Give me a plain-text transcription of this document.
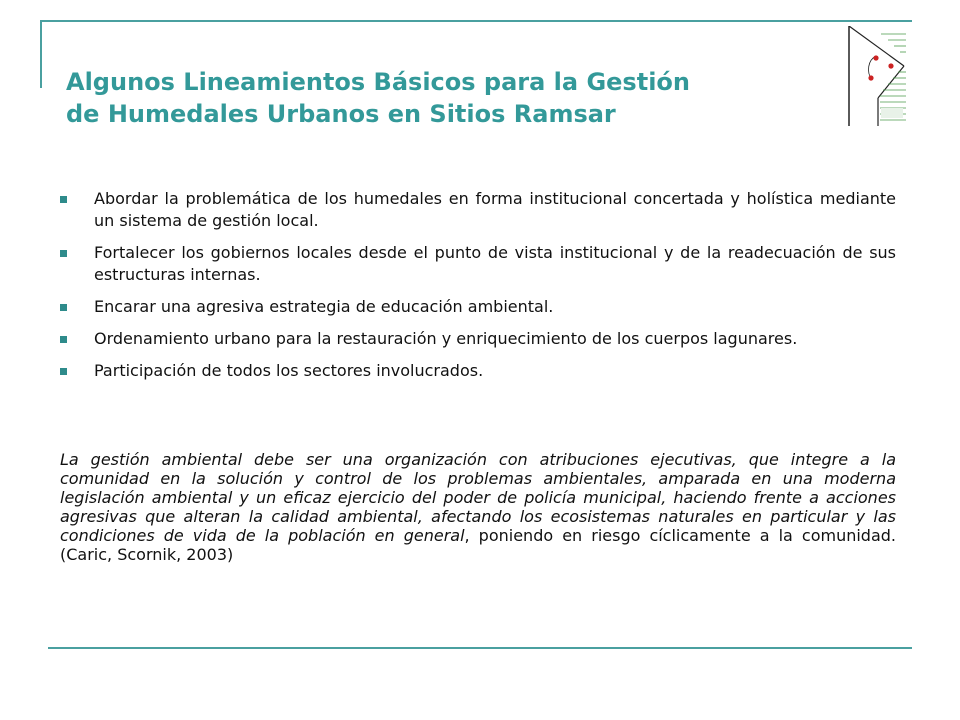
Algunos Lineamientos Básicos para la Gestión
de Humedales Urbanos en Sitios Ramsar
Abordar la problemática de los humedales en forma institucional concertada y holística mediante un sistema de gestión local.
Fortalecer los gobiernos locales desde el punto de vista institucional y de la readecuación de sus estructuras internas.
Encarar una agresiva estrategia de educación ambiental.
Ordenamiento urbano para la restauración y enriquecimiento de los cuerpos lagunares.
Participación de todos los sectores involucrados.
La gestión ambiental debe ser una organización con atribuciones ejecutivas, que integre a la comunidad en la solución y control de los problemas ambientales, amparada en una moderna legislación ambiental y un eficaz ejercicio del poder de policía municipal, haciendo frente a acciones agresivas que alteran la calidad ambiental, afectando los ecosistemas naturales en particular y las condiciones de vida de la población en general, poniendo en riesgo cíclicamente a la comunidad. (Caric, Scornik, 2003)
